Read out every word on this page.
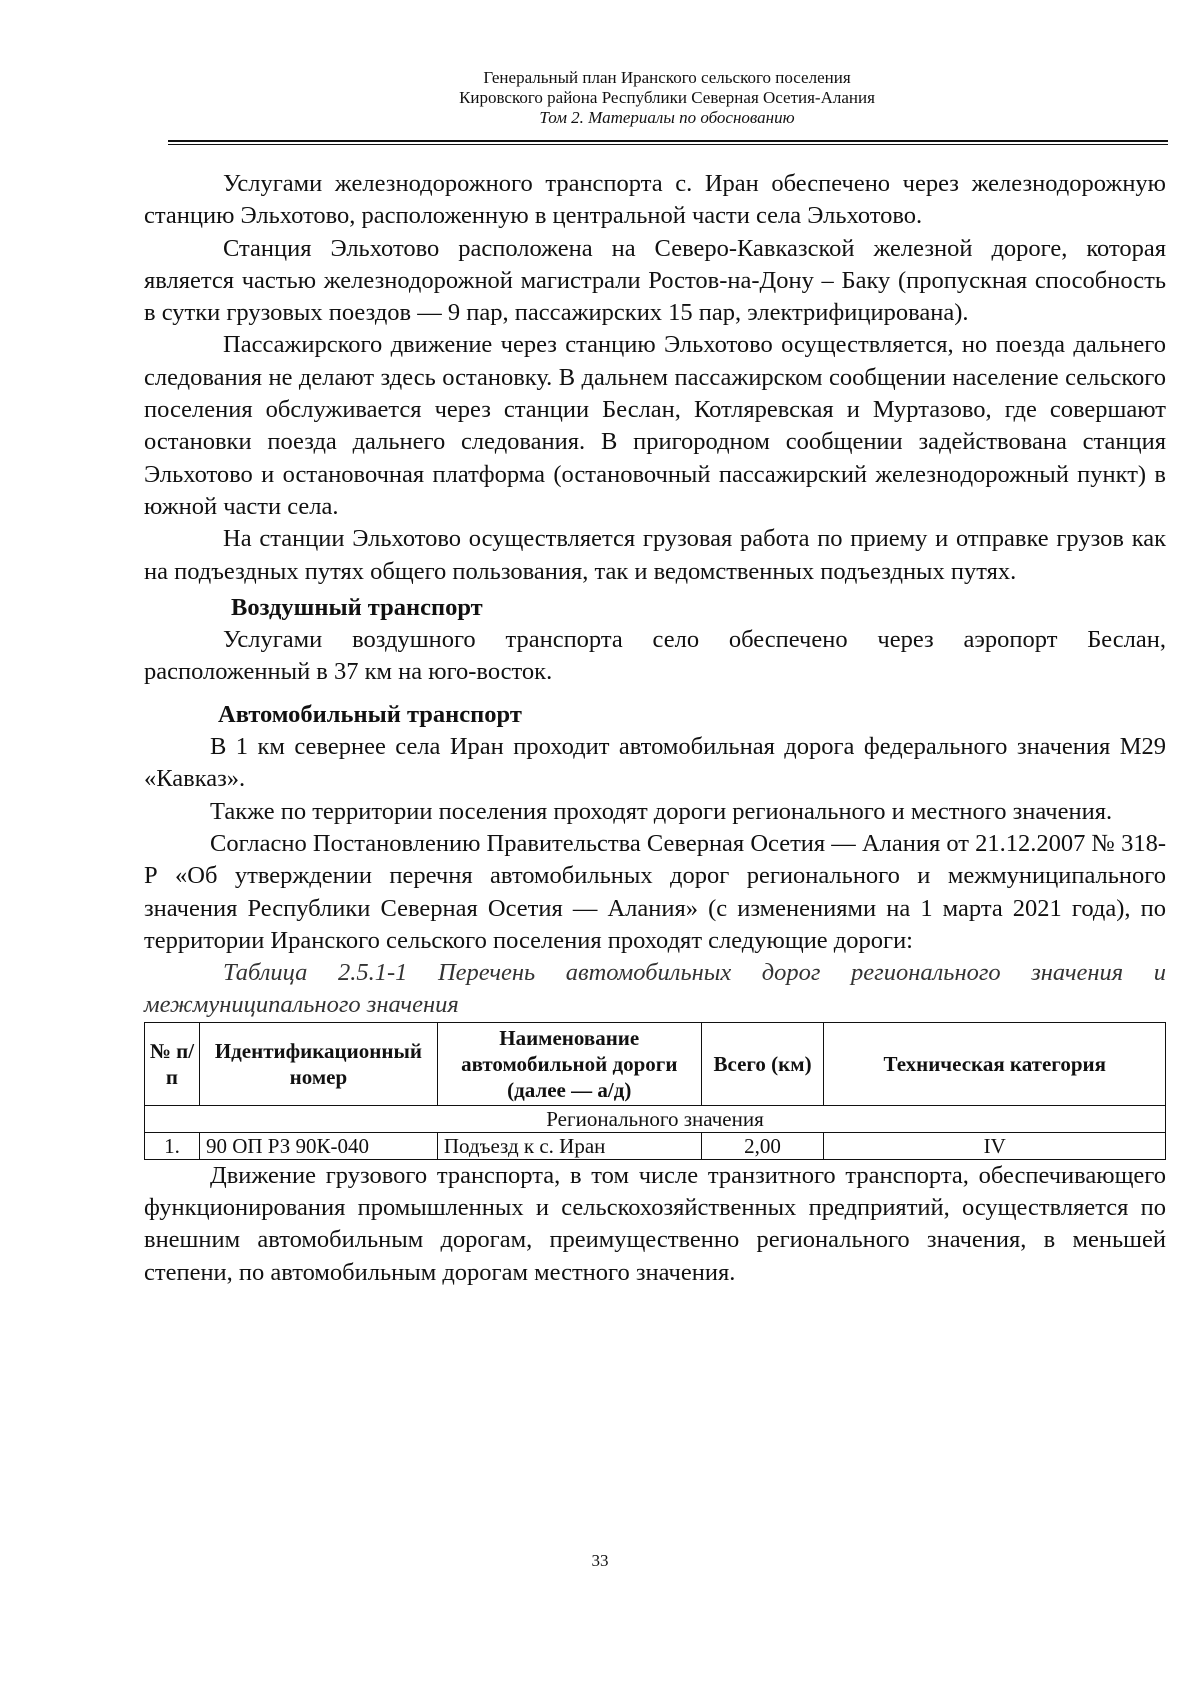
Генеральный план Иранского сельского поселения
Кировского района Республики Северная Осетия-Алания
Том 2. Материалы по обоснованию

Услугами железнодорожного транспорта с. Иран обеспечено через железнодорожную станцию Эльхотово, расположенную в центральной части села Эльхотово.

Станция Эльхотово расположена на Северо-Кавказской железной дороге, которая является частью железнодорожной магистрали Ростов-на-Дону – Баку (пропускная способность в сутки грузовых поездов — 9 пар, пассажирских 15 пар, электрифицирована).

Пассажирского движение через станцию Эльхотово осуществляется, но поезда дальнего следования не делают здесь остановку. В дальнем пассажирском сообщении население сельского поселения обслуживается через станции Беслан, Котляревская и Муртазово, где совершают остановки поезда дальнего следования. В пригородном сообщении задействована станция Эльхотово и остановочная платформа (остановочный пассажирский железнодорожный пункт) в южной части села.

На станции Эльхотово осуществляется грузовая работа по приему и отправке грузов как на подъездных путях общего пользования, так и ведомственных подъездных путях.

Воздушный транспорт

Услугами воздушного транспорта село обеспечено через аэропорт Беслан, расположенный в 37 км на юго-восток.

Автомобильный транспорт

В 1 км севернее села Иран проходит автомобильная дорога федерального значения М29 «Кавказ».

Также по территории поселения проходят дороги регионального и местного значения.

Согласно Постановлению Правительства Северная Осетия — Алания от 21.12.2007 № 318-Р «Об утверждении перечня автомобильных дорог регионального и межмуниципального значения Республики Северная Осетия — Алания» (с изменениями на 1 марта 2021 года), по территории Иранского сельского поселения проходят следующие дороги:

Таблица 2.5.1-1 Перечень автомобильных дорог регионального значения и межмуниципального значения

№ п/п	Идентификационный номер	Наименование автомобильной дороги (далее — а/д)	Всего (км)	Техническая категория
Регионального значения				
1.	90 ОП РЗ 90К-040	Подъезд к с. Иран	2,00	IV

Движение грузового транспорта, в том числе транзитного транспорта, обеспечивающего функционирования промышленных и сельскохозяйственных предприятий, осуществляется по внешним автомобильным дорогам, преимущественно регионального значения, в меньшей степени, по автомобильным дорогам местного значения.

33
